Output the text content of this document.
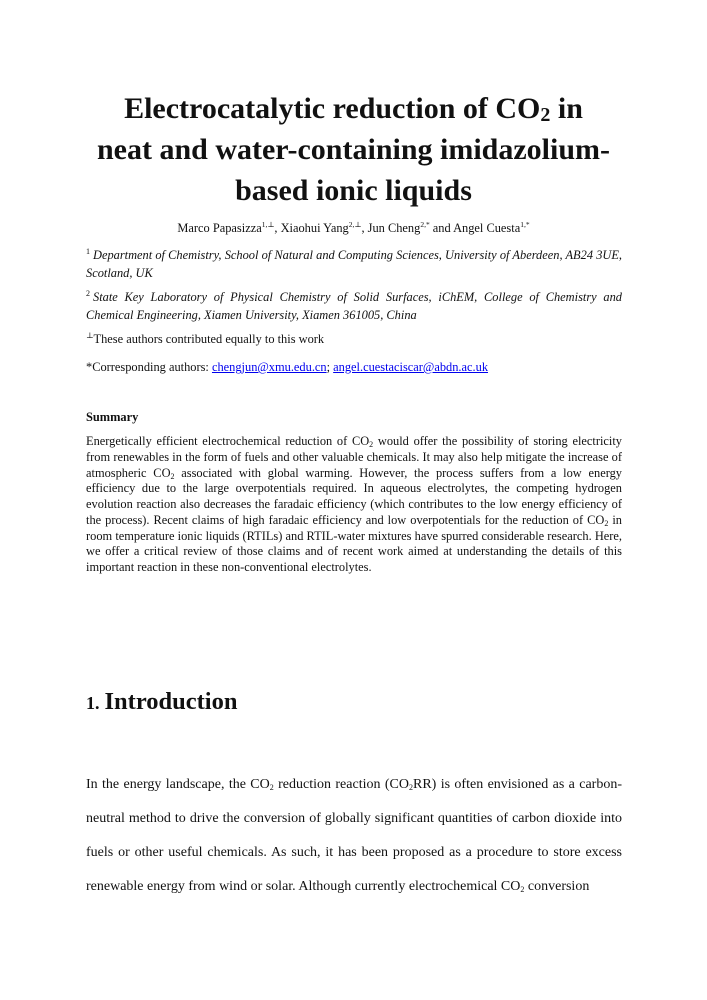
Electrocatalytic reduction of $CO_2$ in
neat and water-containing imidazolium-
based ionic liquids
Marco Papasizza$^{1,\perp}$, Xiaohui Yang$^{2,\perp}$, Jun Cheng$^{2,*}$ and Angel Cuesta$^{1,*}$
$^1$ Department of Chemistry, School of Natural and Computing Sciences, University of Aberdeen, AB24 3UE, Scotland, UK
$^2$ State Key Laboratory of Physical Chemistry of Solid Surfaces, iChEM, College of Chemistry and Chemical Engineering, Xiamen University, Xiamen 361005, China
⊥These authors contributed equally to this work
*Corresponding authors: chengjun@xmu.edu.cn; angel.cuestaciscar@abdn.ac.uk
Summary

Energetically efficient electrochemical reduction of $CO_2$ would offer the possibility of storing electricity from renewables in the form of fuels and other valuable chemicals. It may also help mitigate the increase of atmospheric $CO_2$ associated with global warming. However, the process suffers from a low energy efficiency due to the large overpotentials required. In aqueous electrolytes, the competing hydrogen evolution reaction also decreases the faradaic efficiency (which contributes to the low energy efficiency of the process). Recent claims of high faradaic efficiency and low overpotentials for the reduction of $CO_2$ in room temperature ionic liquids (RTILs) and RTIL-water mixtures have spurred considerable research. Here, we offer a critical review of those claims and of recent work aimed at understanding the details of this important reaction in these non-conventional electrolytes.

1. Introduction

In the energy landscape, the $CO_2$ reduction reaction $(CO_2RR)$ is often envisioned as a carbon-neutral method to drive the conversion of globally significant quantities of carbon dioxide into fuels or other useful chemicals. As such, it has been proposed as a procedure to store excess renewable energy from wind or solar. Although currently electrochemical $CO_2$ conversion
